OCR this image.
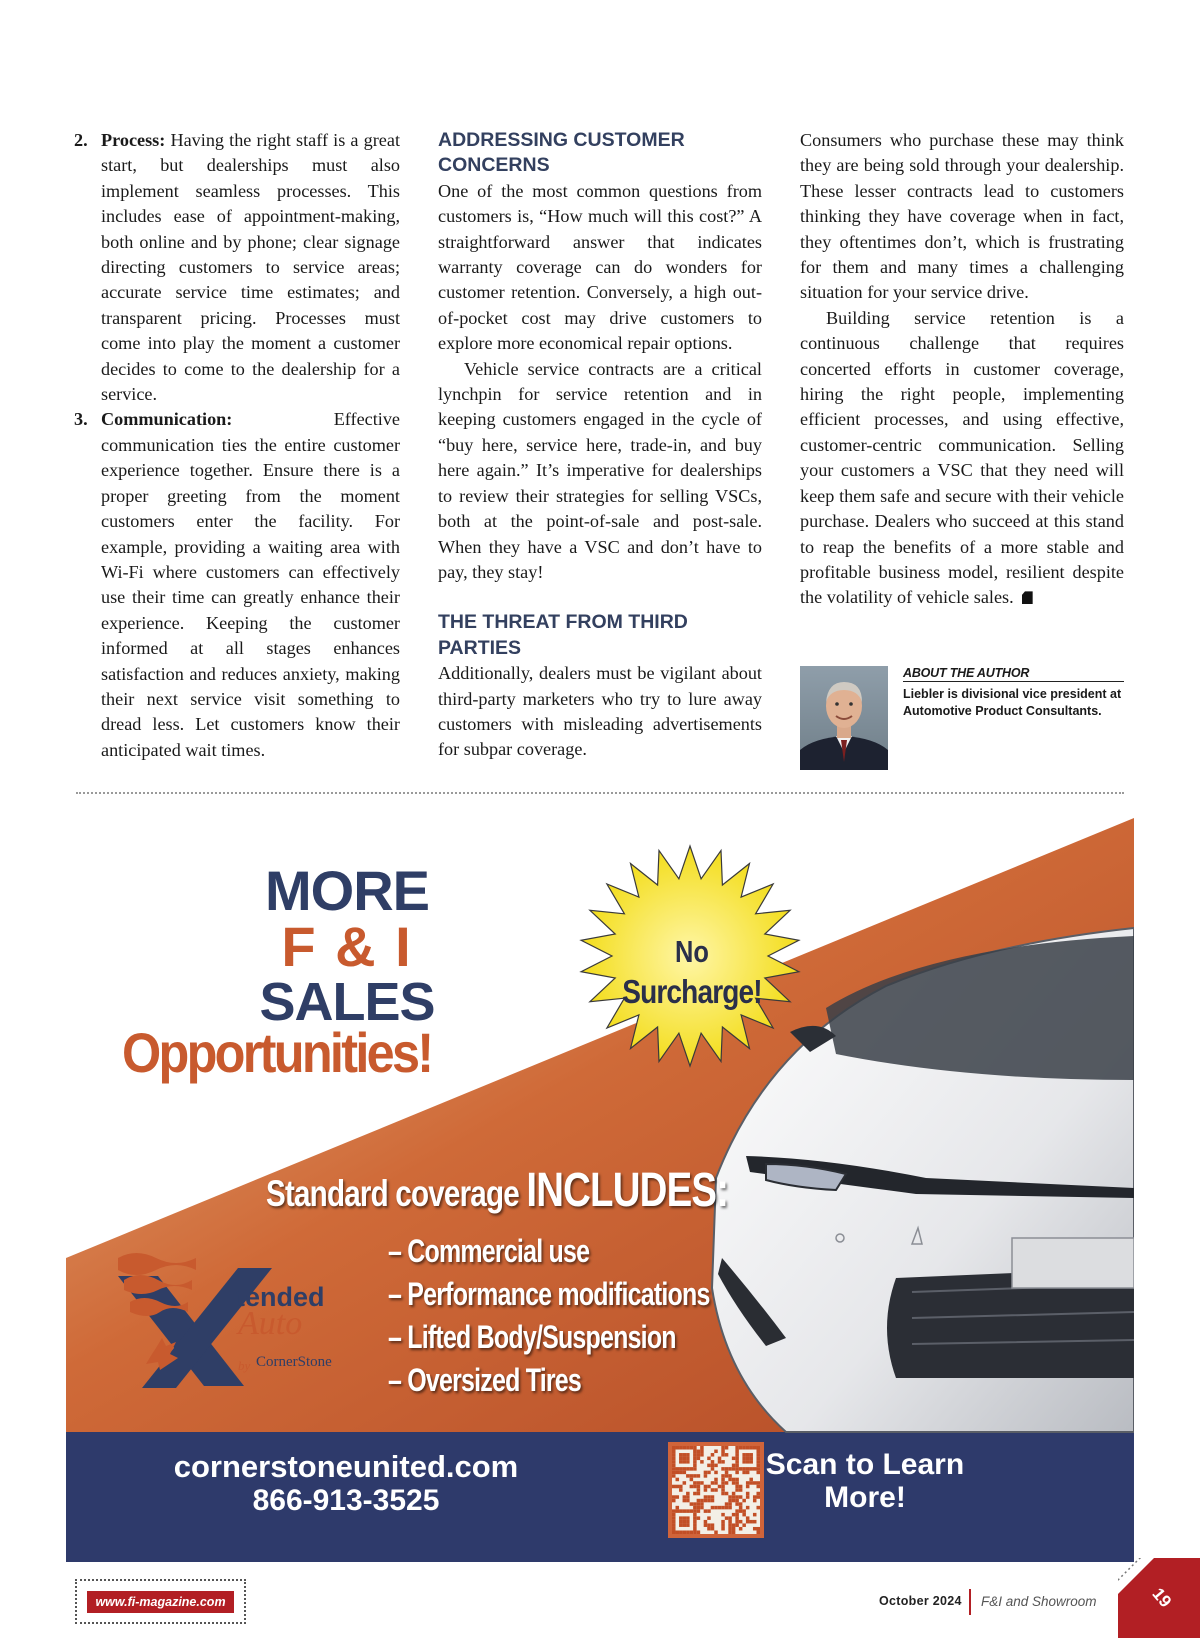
2. Process: Having the right staff is a great start, but dealerships must also implement seamless processes. This includes ease of appointment-making, both online and by phone; clear signage directing customers to service areas; accurate service time estimates; and transparent pricing. Processes must come into play the moment a customer decides to come to the dealership for a service.
3. Communication: Effective communication ties the entire customer experience together. Ensure there is a proper greeting from the moment customers enter the facility. For example, providing a waiting area with Wi-Fi where customers can effectively use their time can greatly enhance their experience. Keeping the customer informed at all stages enhances satisfaction and reduces anxiety, making their next service visit something to dread less. Let customers know their anticipated wait times.
ADDRESSING CUSTOMER CONCERNS

One of the most common questions from customers is, “How much will this cost?” A straightforward answer that indicates warranty coverage can do wonders for customer retention. Conversely, a high out-of-pocket cost may drive customers to explore more economical repair options.

Vehicle service contracts are a critical lynchpin for service retention and in keeping customers engaged in the cycle of “buy here, service here, trade-in, and buy here again.” It’s imperative for dealerships to review their strategies for selling VSCs, both at the point-of-sale and post-sale. When they have a VSC and don’t have to pay, they stay!

THE THREAT FROM THIRD PARTIES

Additionally, dealers must be vigilant about third-party marketers who try to lure away customers with misleading advertisements for subpar coverage.

Consumers who purchase these may think they are being sold through your dealership. These lesser contracts lead to customers thinking they have coverage when in fact, they oftentimes don’t, which is frustrating for them and many times a challenging situation for your service drive.

Building service retention is a continuous challenge that requires concerted efforts in customer coverage, hiring the right people, implementing efficient processes, and using effective, customer-centric communication. Selling your customers a VSC that they need will keep them safe and secure with their vehicle purchase. Dealers who succeed at this stand to reap the benefits of a more stable and profitable business model, resilient despite the volatility of vehicle sales.

ABOUT THE AUTHOR
Liebler is divisional vice president at Automotive Product Consultants.
MORE
F & I
SALES
Opportunities!
No
Surcharge!
Standard coverage INCLUDES:
– Commercial use
– Performance modifications
– Lifted Body/Suspension
– Oversized Tires
tended
Auto
by CornerStone
cornerstoneunited.com
866-913-3525
Scan to Learn More!
www.fi-magazine.com	October 2024 F&I and Showroom	19
